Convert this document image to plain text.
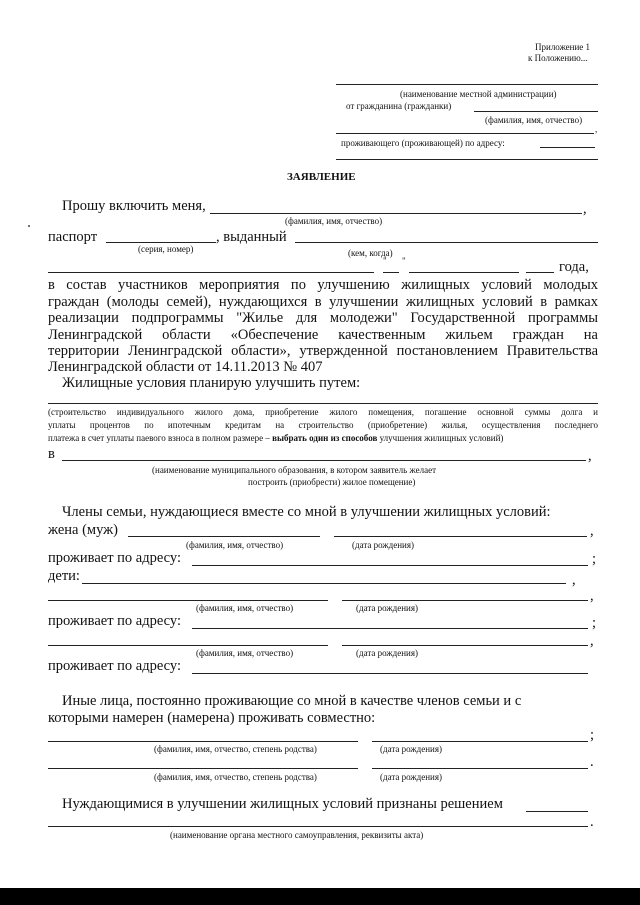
Приложение 1
к Положению...
(наименование местной администрации)
от гражданина (гражданки)
(фамилия, имя, отчество)
,
проживающего (проживающей) по адресу:
ЗАЯВЛЕНИЕ
Прошу включить меня,	,
(фамилия, имя, отчество)
паспорт	, выданный
(серия, номер)	(кем, когда)
" "	года,
в состав участников мероприятия по улучшению жилищных условий молодых
граждан (молоды семей), нуждающихся в улучшении жилищных условий в рамках
реализации подпрограммы "Жилье для молодежи" Государственной программы
Ленинградской области «Обеспечение качественным жильем граждан на
территории Ленинградской области», утвержденной постановлением Правительства
Ленинградской области от 14.11.2013 № 407
Жилищные условия планирую улучшить путем:
(строительство индивидуального жилого дома, приобретение жилого помещения, погашение основной суммы долга и
уплаты процентов по ипотечным кредитам на строительство (приобретение) жилья, осуществления последнего
платежа в счет уплаты паевого взноса в полном размере – выбрать один из способов улучшения жилищных условий)
в	,
(наименование муниципального образования, в котором заявитель желает
построить (приобрести) жилое помещение)
Члены семьи, нуждающиеся вместе со мной в улучшении жилищных условий:
жена (муж)	,
(фамилия, имя, отчество)	(дата рождения)
проживает по адресу:	;
дети:	,
,
(фамилия, имя, отчество)	(дата рождения)
проживает по адресу:	;
,
(фамилия, имя, отчество)	(дата рождения)
проживает по адресу:
Иные лица, постоянно проживающие со мной в качестве членов семьи и с
которыми намерен (намерена) проживать совместно:
;
(фамилия, имя, отчество, степень родства)	(дата рождения)
.
(фамилия, имя, отчество, степень родства)	(дата рождения)
Нуждающимися в улучшении жилищных условий признаны решением
.
(наименование органа местного самоуправления, реквизиты акта)
